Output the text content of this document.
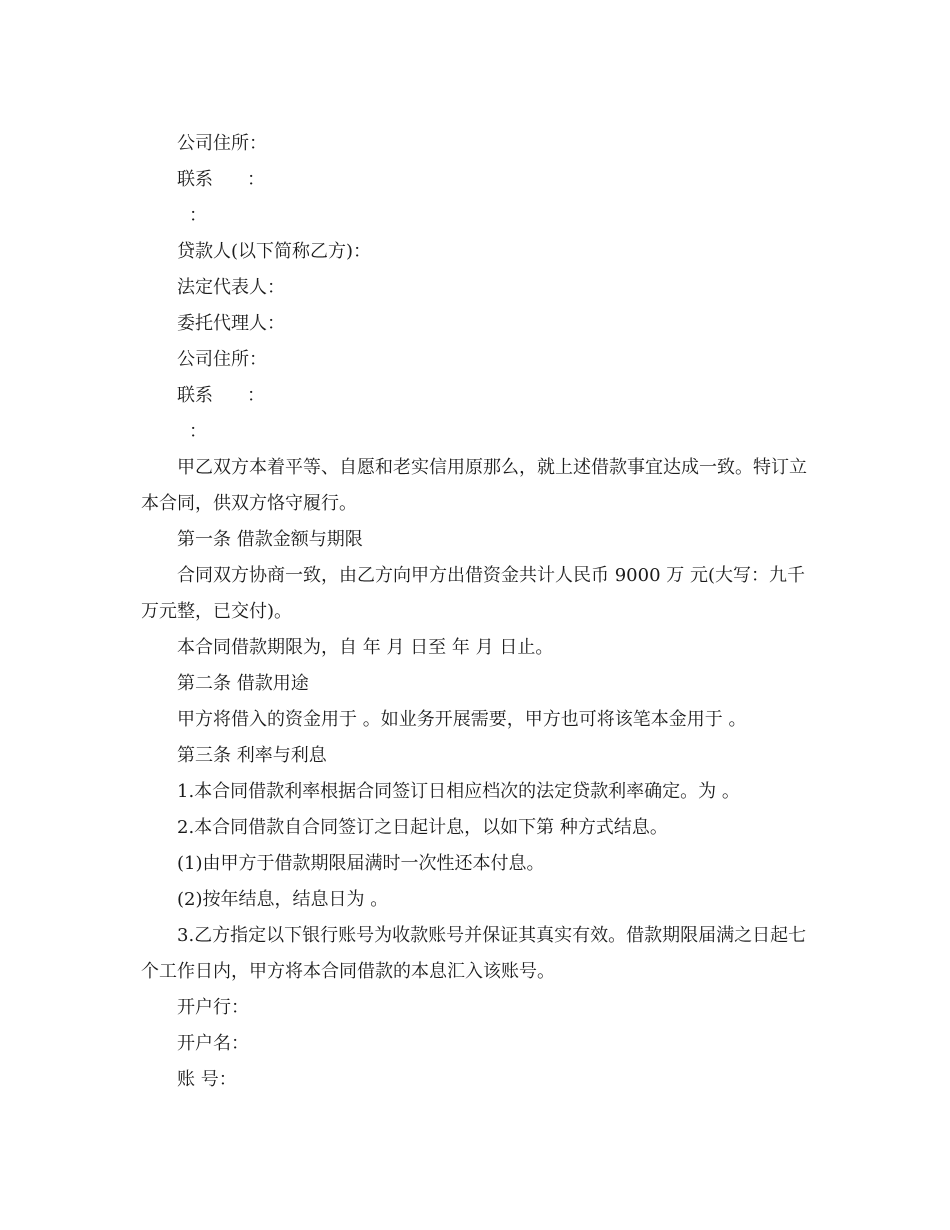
公司住所：

联系 ：

：

贷款人(以下简称乙方)：

法定代表人：

委托代理人：

公司住所：

联系 ：

：

甲乙双方本着平等、自愿和老实信用原那么，就上述借款事宜达成一致。特订立本合同，供双方恪守履行。

第一条 借款金额与期限

合同双方协商一致，由乙方向甲方出借资金共计人民币 9000 万 元(大写：九千万元整，已交付)。

本合同借款期限为，自 年 月 日至 年 月 日止。

第二条 借款用途

甲方将借入的资金用于 。如业务开展需要，甲方也可将该笔本金用于 。

第三条 利率与利息

1.本合同借款利率根据合同签订日相应档次的法定贷款利率确定。为 。

2.本合同借款自合同签订之日起计息，以如下第 种方式结息。

(1)由甲方于借款期限届满时一次性还本付息。

(2)按年结息，结息日为 。

3.乙方指定以下银行账号为收款账号并保证其真实有效。借款期限届满之日起七个工作日内，甲方将本合同借款的本息汇入该账号。

开户行：

开户名：

账 号：
